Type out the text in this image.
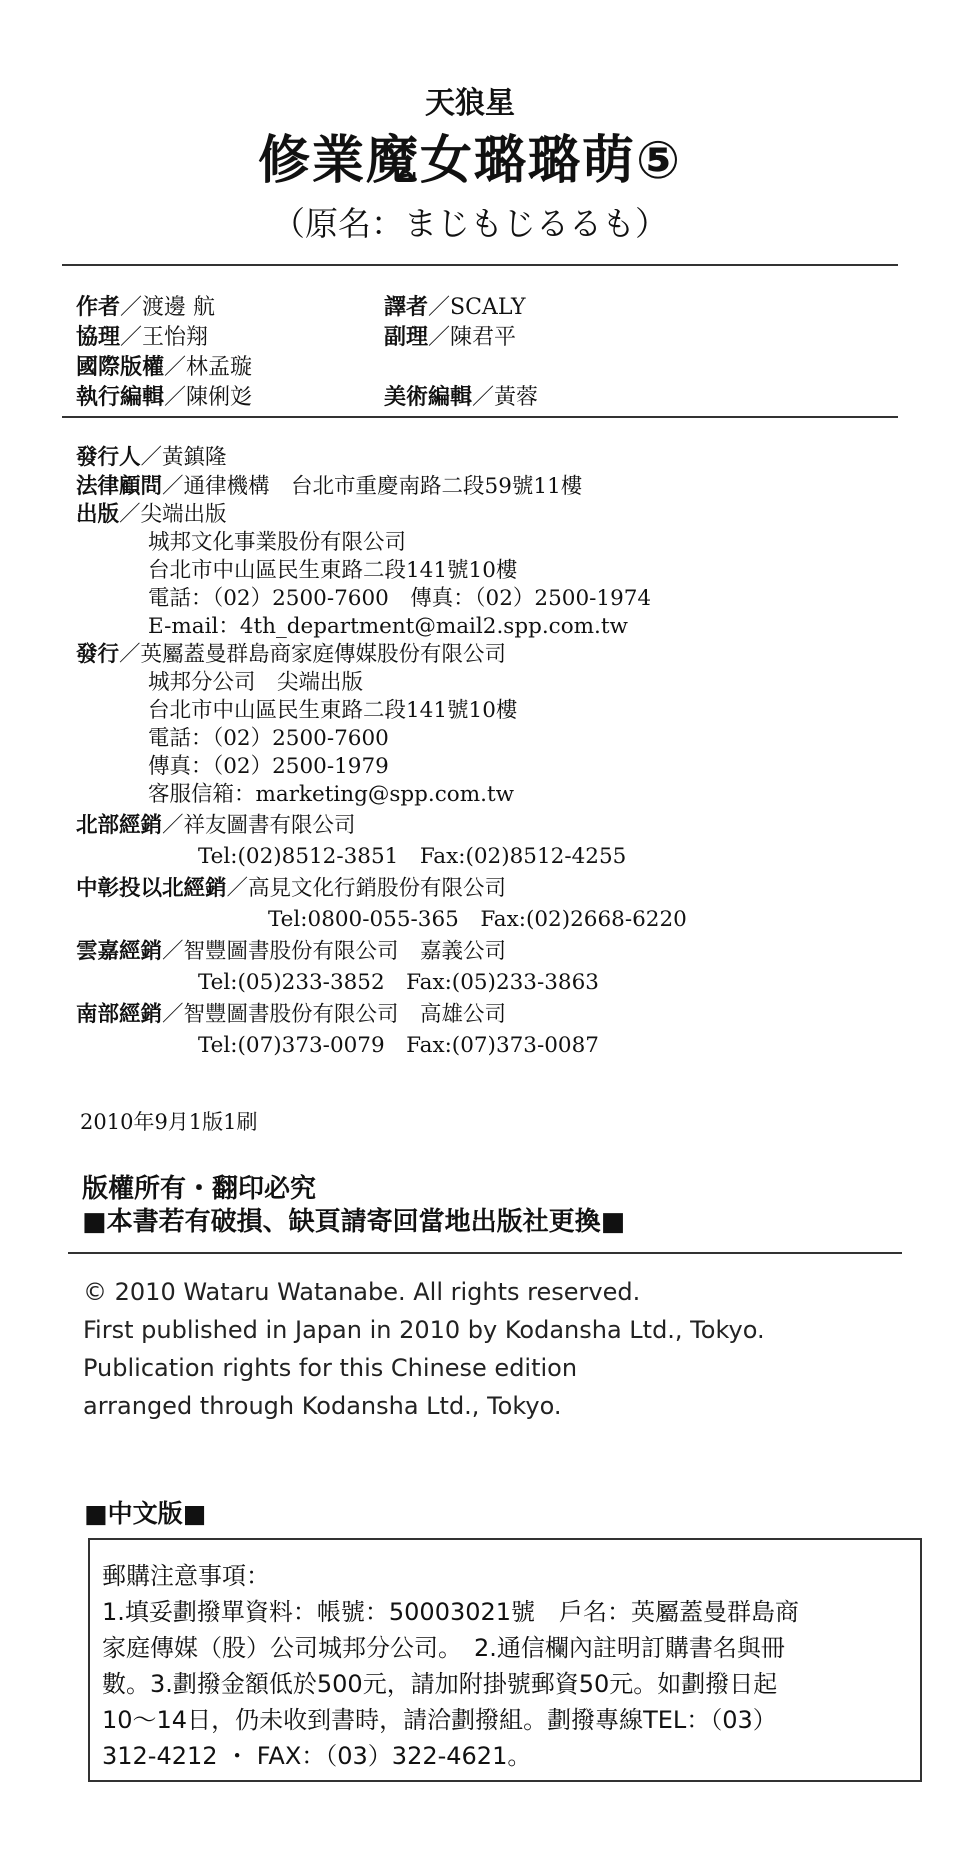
天狼星
修業魔女璐璐萌⑤
（原名：まじもじるるも）
作者／渡邊 航	譯者／SCALY
協理／王怡翔	副理／陳君平
國際版權／林孟璇
執行編輯／陳俐彣	美術編輯／黃蓉
發行人／黃鎮隆
法律顧問／通律機構　台北市重慶南路二段59號11樓
出版／尖端出版
城邦文化事業股份有限公司
台北市中山區民生東路二段141號10樓
電話：（02）2500-7600　傳真：（02）2500-1974
E-mail：4th_department@mail2.spp.com.tw
發行／英屬蓋曼群島商家庭傳媒股份有限公司
城邦分公司　尖端出版
台北市中山區民生東路二段141號10樓
電話：（02）2500-7600
傳真：（02）2500-1979
客服信箱：marketing@spp.com.tw
北部經銷／祥友圖書有限公司
Tel:(02)8512-3851　Fax:(02)8512-4255
中彰投以北經銷／高見文化行銷股份有限公司
Tel:0800-055-365　Fax:(02)2668-6220
雲嘉經銷／智豐圖書股份有限公司　嘉義公司
Tel:(05)233-3852　Fax:(05)233-3863
南部經銷／智豐圖書股份有限公司　高雄公司
Tel:(07)373-0079　Fax:(07)373-0087
2010年9月1版1刷
版權所有・翻印必究
■本書若有破損、缺頁請寄回當地出版社更換■
© 2010 Wataru Watanabe. All rights reserved.
First published in Japan in 2010 by Kodansha Ltd., Tokyo.
Publication rights for this Chinese edition
arranged through Kodansha Ltd., Tokyo.
■中文版■
郵購注意事項：
1.填妥劃撥單資料：帳號：50003021號　戶名：英屬蓋曼群島商
家庭傳媒（股）公司城邦分公司。　2.通信欄內註明訂購書名與冊
數。3.劃撥金額低於500元，請加附掛號郵資50元。如劃撥日起
10～14日，仍未收到書時，請洽劃撥組。劃撥專線TEL：（03）
312-4212 ・ FAX：（03）322-4621。
